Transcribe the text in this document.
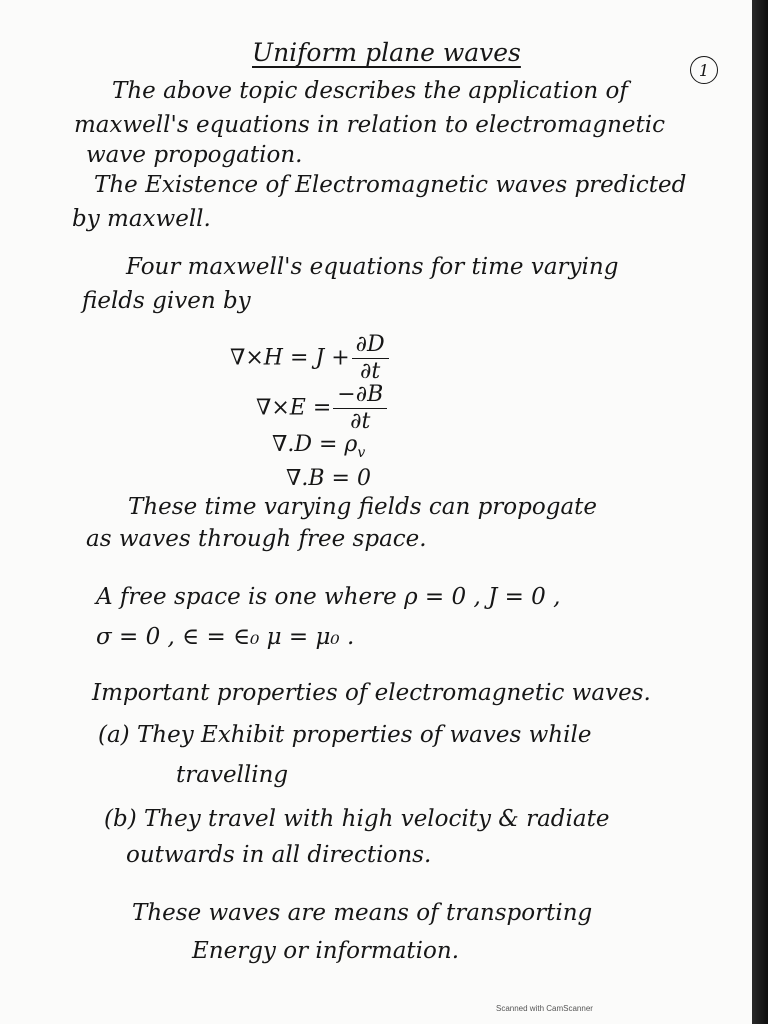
Uniform plane waves
1
The above topic describes the application of
maxwell's equations in relation to electromagnetic
wave propogation.
The Existence of Electromagnetic waves predicted
by maxwell.
Four maxwell's equations for time varying
fields given by
$\nabla\times H = J + \frac{\partial D}{\partial t}$
$\nabla\times E = \frac{-\partial B}{\partial t}$
$\nabla.D = \rho_v$
∇.B = 0
These time varying fields can propogate
as waves through free space.
A free space is one where ρ = 0 , J = 0 ,
σ = 0 , ∈ = ∈₀ μ = μ₀ .
Important properties of electromagnetic waves.
(a) They Exhibit properties of waves while
travelling
(b) They travel with high velocity & radiate
outwards in all directions.
These waves are means of transporting
Energy or information.
Scanned with CamScanner
